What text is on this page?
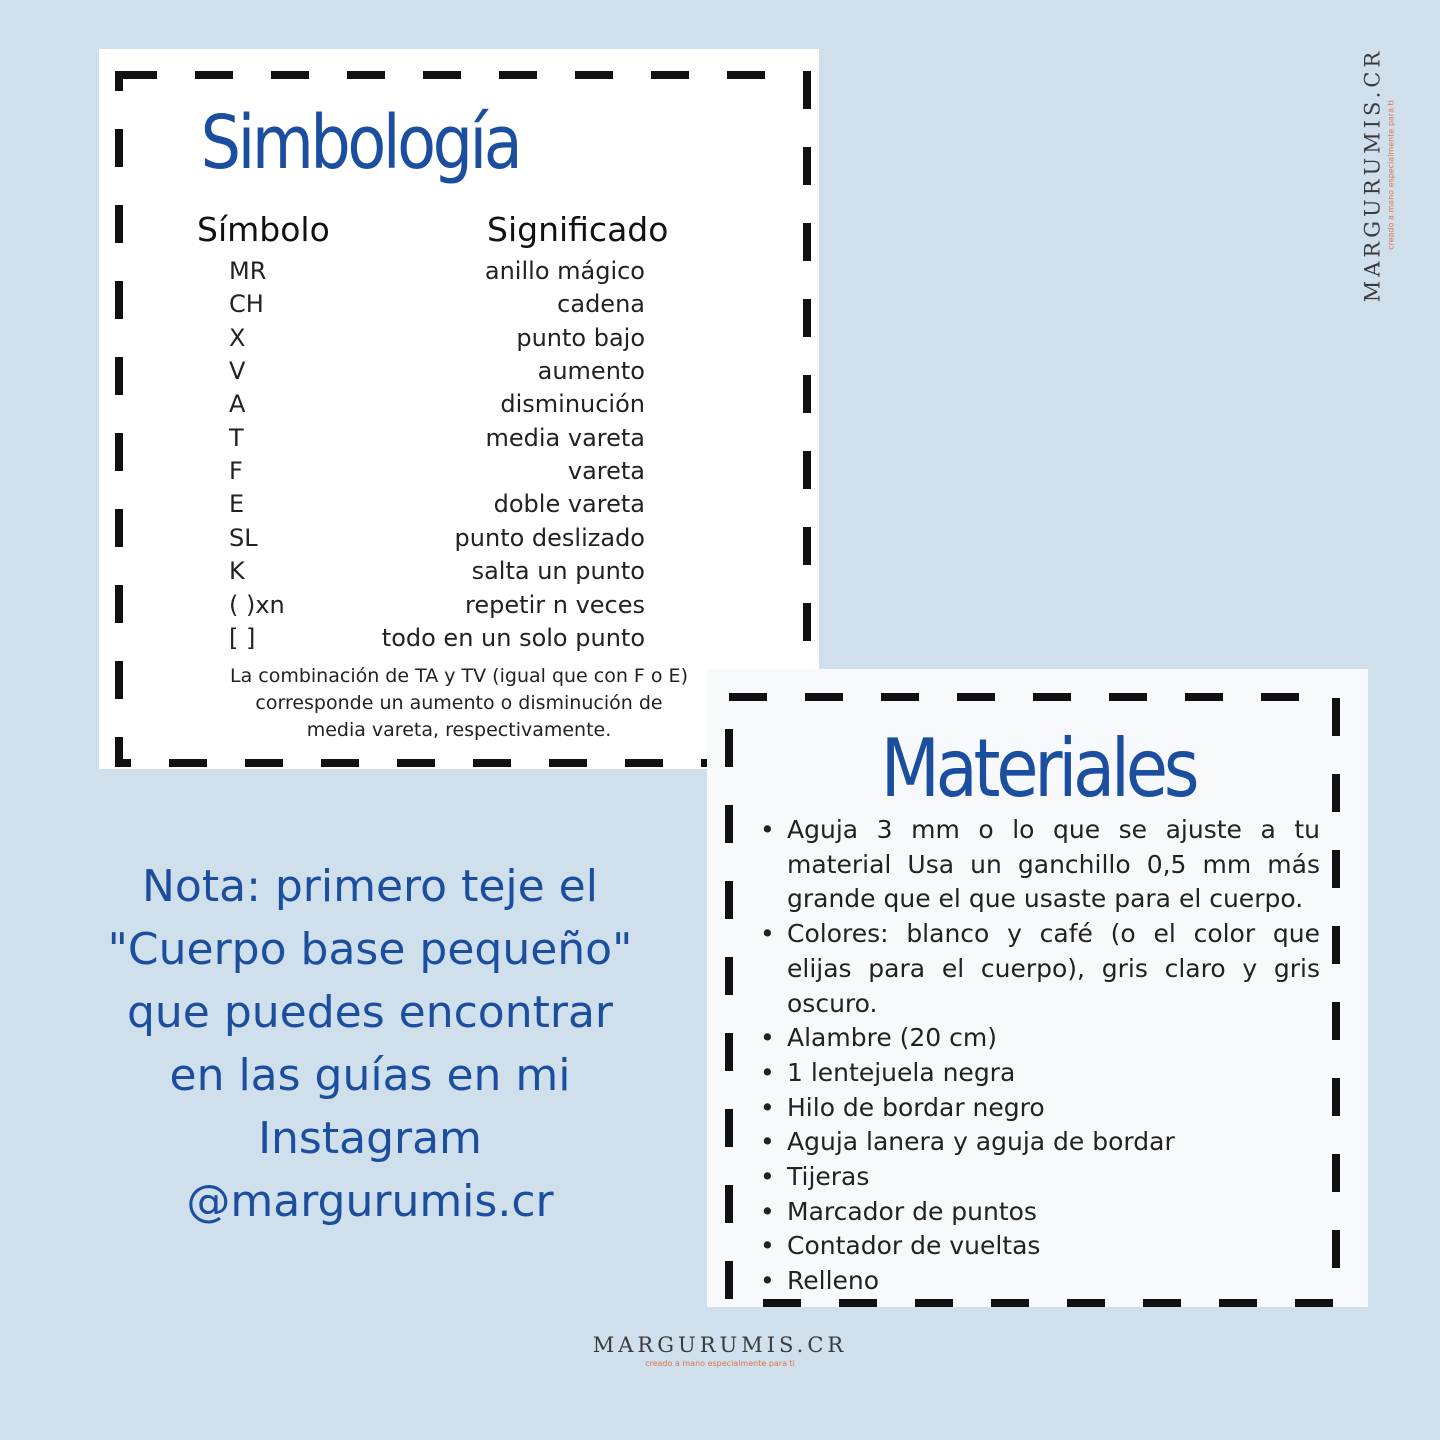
Simbología
Símbolo	Significado
MR	anillo mágico
CH	cadena
X	punto bajo
V	aumento
A	disminución
T	media vareta
F	vareta
E	doble vareta
SL	punto deslizado
K	salta un punto
( )xn	repetir n veces
[ ]	todo en un solo punto
La combinación de TA y TV (igual que con F o E)
corresponde un aumento o disminución de
media vareta, respectivamente.	Materiales
• Aguja 3 mm o lo que se ajuste a tu material Usa un ganchillo 0,5 mm más grande que el que usaste para el cuerpo.
• Colores: blanco y café (o el color que elijas para el cuerpo), gris claro y gris oscuro.
• Alambre (20 cm)
• 1 lentejuela negra
• Hilo de bordar negro
• Aguja lanera y aguja de bordar
• Tijeras
• Marcador de puntos
• Contador de vueltas
• Relleno
Nota: primero teje el
"Cuerpo base pequeño"
que puedes encontrar
en las guías en mi
Instagram
@margurumis.cr
MARGURUMIS.CR
creado a mano especialmente para ti
MARGURUMIS.CR creado a mano especialmente para ti
